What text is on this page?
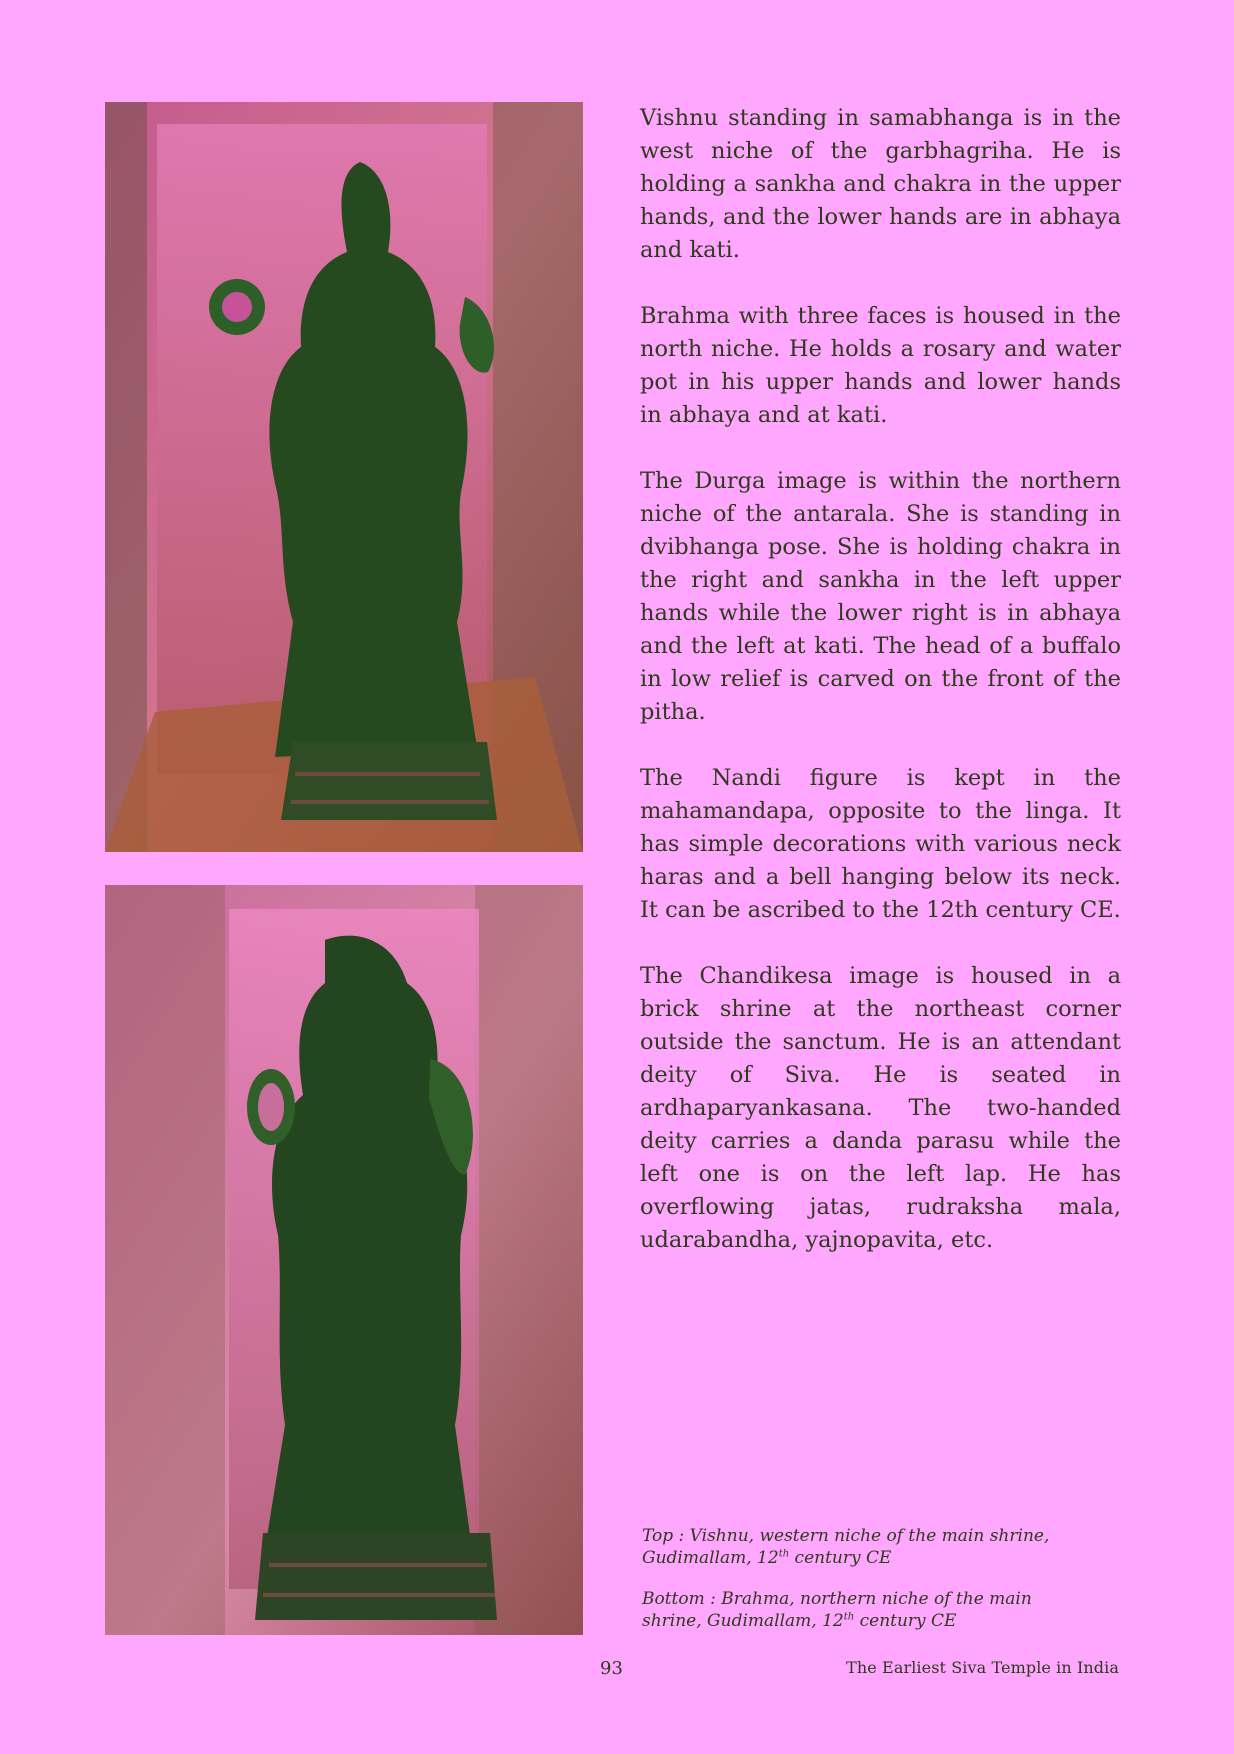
Vishnu standing in samabhanga is in the west niche of the garbhagriha. He is holding a sankha and chakra in the upper hands, and the lower hands are in abhaya and kati.

Brahma with three faces is housed in the north niche. He holds a rosary and water pot in his upper hands and lower hands in abhaya and at kati.

The Durga image is within the northern niche of the antarala. She is standing in dvibhanga pose. She is holding chakra in the right and sankha in the left upper hands while the lower right is in abhaya and the left at kati. The head of a buffalo in low relief is carved on the front of the pitha.

The Nandi figure is kept in the mahamandapa, opposite to the linga. It has simple decorations with various neck haras and a bell hanging below its neck. It can be ascribed to the 12th century CE.

The Chandikesa image is housed in a brick shrine at the northeast corner outside the sanctum. He is an attendant deity of Siva. He is seated in ardhaparyankasana. The two-handed deity carries a danda parasu while the left one is on the left lap. He has overflowing jatas, rudraksha mala, udarabandha, yajnopavita, etc.

Top : Vishnu, western niche of the main shrine, Gudimallam, 12th century CE

Bottom : Brahma, northern niche of the main shrine, Gudimallam, 12th century CE

93	The Earliest Siva Temple in India
